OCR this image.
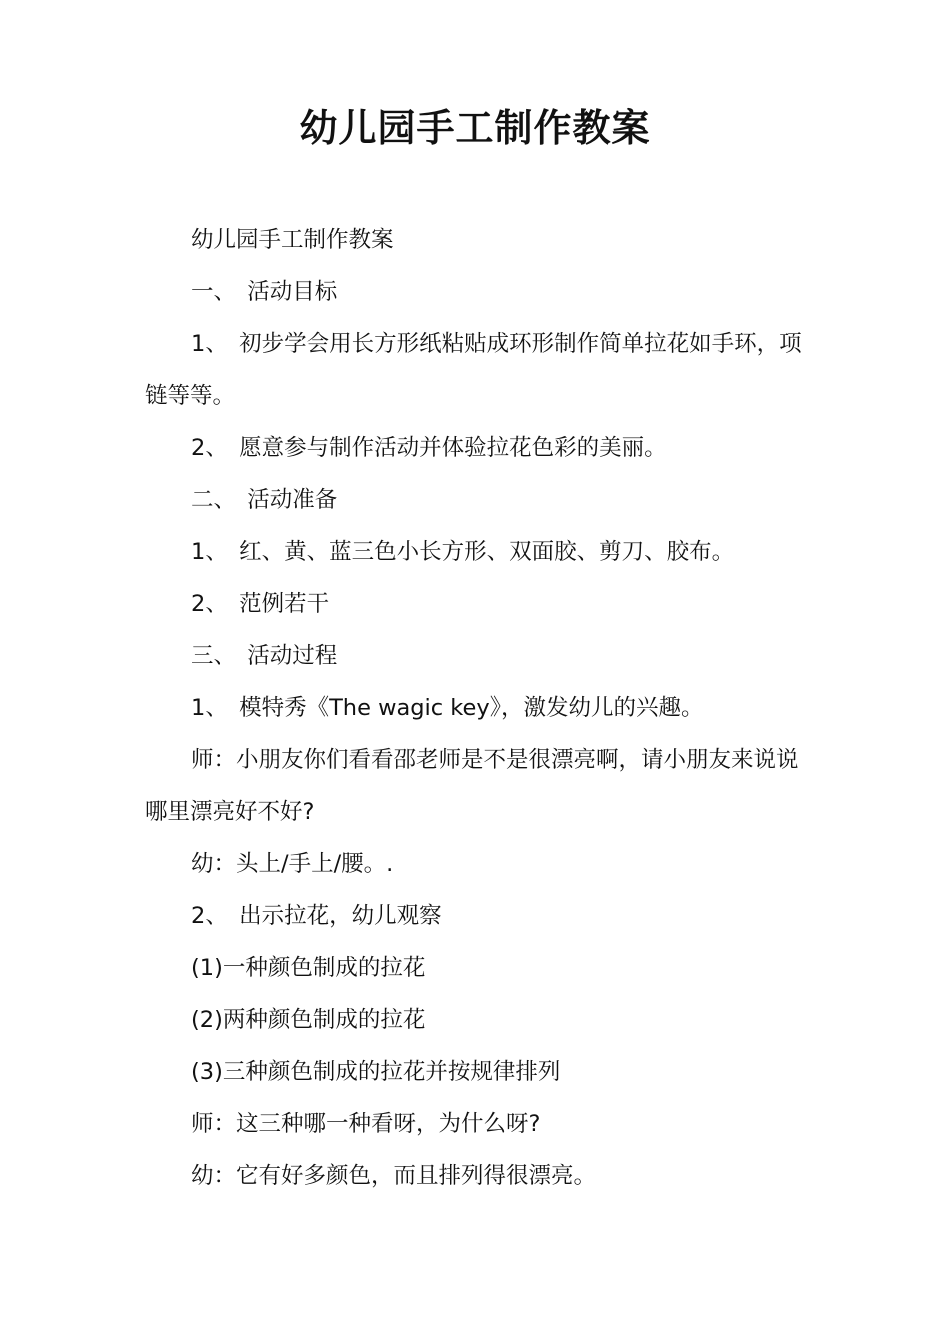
幼儿园手工制作教案

幼儿园手工制作教案

一、　活动目标

1、　初步学会用长方形纸粘贴成环形制作简单拉花如手环，项链等等。

2、　愿意参与制作活动并体验拉花色彩的美丽。

二、　活动准备

1、　红、黄、蓝三色小长方形、双面胶、剪刀、胶布。

2、　范例若干

三、　活动过程

1、　模特秀《The wagic key》，激发幼儿的兴趣。

师：小朋友你们看看邵老师是不是很漂亮啊，请小朋友来说说哪里漂亮好不好?

幼：头上/手上/腰。.

2、　出示拉花，幼儿观察

(1)一种颜色制成的拉花

(2)两种颜色制成的拉花

(3)三种颜色制成的拉花并按规律排列

师：这三种哪一种看呀，为什么呀?

幼：它有好多颜色，而且排列得很漂亮。
